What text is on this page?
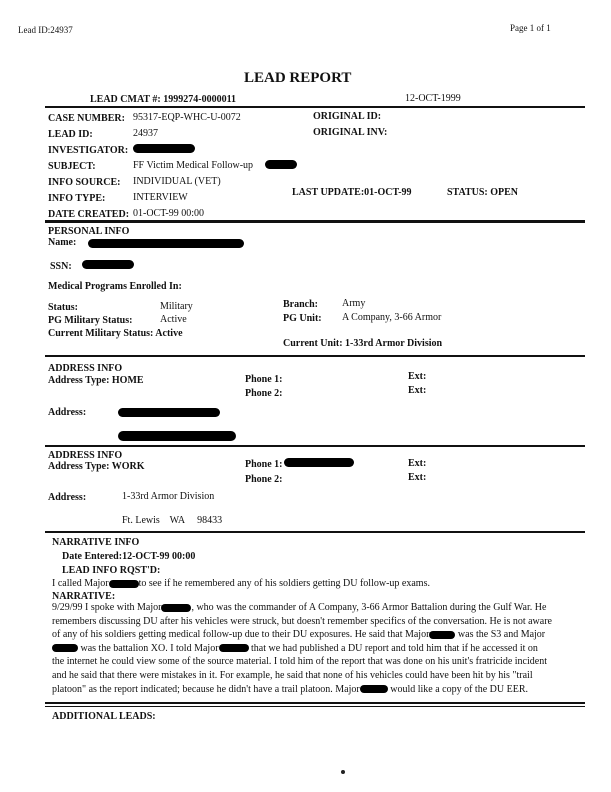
Lead ID:24937	Page 1 of 1
LEAD REPORT
LEAD CMAT #: 1999274-0000011	12-OCT-1999
CASE NUMBER: 95317-EQP-WHC-U-0072
LEAD ID:	24937
INVESTIGATOR:
SUBJECT:	FF Victim Medical Follow-up
INFO SOURCE: INDIVIDUAL (VET)
INFO TYPE:	INTERVIEW
DATE CREATED: 01-OCT-99 00:00
ORIGINAL ID:
ORIGINAL INV:
LAST UPDATE:01-OCT-99	STATUS: OPEN
PERSONAL INFO
Name:
SSN:
Medical Programs Enrolled In:
Status:	Military
PG Military Status:	Active
Current Military Status: Active
Branch: Army
PG Unit: A Company, 3-66 Armor
Current Unit: 1-33rd Armor Division
ADDRESS INFO
Address Type: HOME	Phone 1:
Phone 2:
Ext:
Ext:
Address:
ADDRESS INFO
Address Type: WORK	Phone 1:
Phone 2:
Ext:
Ext:
Address:	1-33rd Armor Division
Ft. Lewis    WA     98433
NARRATIVE INFO
Date Entered:12-OCT-99 00:00
LEAD INFO RQST'D:
I called Major	to see if he remembered any of his soldiers getting DU follow-up exams.
NARRATIVE:
9/29/99 I spoke with Major	, who was the commander of A Company, 3-66 Armor Battalion during the Gulf War. He remembers discussing DU after his vehicles were struck, but doesn't remember specifics of the conversation. He is not aware of any of his soldiers getting medical follow-up due to their DU exposures. He said that Major	was the S3 and Major was the battalion XO. I told Major	that we had published a DU report and told him that if he accessed it on the internet he could view some of the source material. I told him of the report that was done on his unit's fratricide incident and he said that there were mistakes in it. For example, he said that none of his vehicles could have been hit by his "trail platoon" as the report indicated; because he didn't have a trail platoon. Major	would like a copy of the DU EER.
ADDITIONAL LEADS:
